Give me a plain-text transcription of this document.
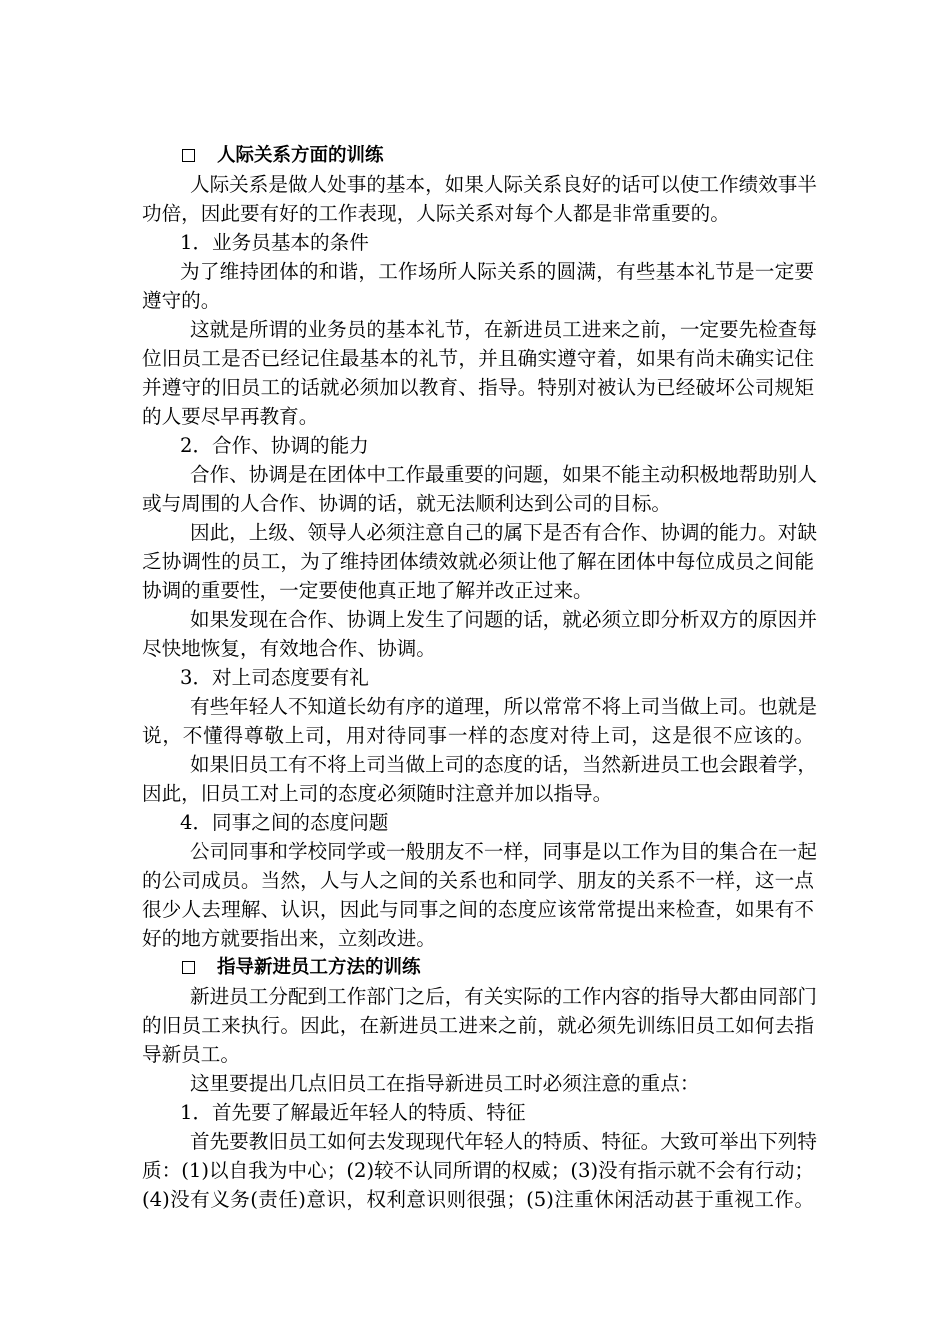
人际关系方面的训练
人际关系是做人处事的基本，如果人际关系良好的话可以使工作绩效事半
功倍，因此要有好的工作表现，人际关系对每个人都是非常重要的。
1．业务员基本的条件
为了维持团体的和谐，工作场所人际关系的圆满，有些基本礼节是一定要
遵守的。
这就是所谓的业务员的基本礼节，在新进员工进来之前，一定要先检查每
位旧员工是否已经记住最基本的礼节，并且确实遵守着，如果有尚未确实记住
并遵守的旧员工的话就必须加以教育、指导。特别对被认为已经破坏公司规矩
的人要尽早再教育。
2．合作、协调的能力
合作、协调是在团体中工作最重要的问题，如果不能主动积极地帮助别人
或与周围的人合作、协调的话，就无法顺利达到公司的目标。
因此，上级、领导人必须注意自己的属下是否有合作、协调的能力。对缺
乏协调性的员工，为了维持团体绩效就必须让他了解在团体中每位成员之间能
协调的重要性，一定要使他真正地了解并改正过来。
如果发现在合作、协调上发生了问题的话，就必须立即分析双方的原因并
尽快地恢复，有效地合作、协调。
3．对上司态度要有礼
有些年轻人不知道长幼有序的道理，所以常常不将上司当做上司。也就是
说，不懂得尊敬上司，用对待同事一样的态度对待上司，这是很不应该的。
如果旧员工有不将上司当做上司的态度的话，当然新进员工也会跟着学，
因此，旧员工对上司的态度必须随时注意并加以指导。
4．同事之间的态度问题
公司同事和学校同学或一般朋友不一样，同事是以工作为目的集合在一起
的公司成员。当然，人与人之间的关系也和同学、朋友的关系不一样，这一点
很少人去理解、认识，因此与同事之间的态度应该常常提出来检查，如果有不
好的地方就要指出来，立刻改进。
指导新进员工方法的训练
新进员工分配到工作部门之后，有关实际的工作内容的指导大都由同部门
的旧员工来执行。因此，在新进员工进来之前，就必须先训练旧员工如何去指
导新员工。
这里要提出几点旧员工在指导新进员工时必须注意的重点：
1．首先要了解最近年轻人的特质、特征
首先要教旧员工如何去发现现代年轻人的特质、特征。大致可举出下列特
质：(1)以自我为中心；(2)较不认同所谓的权威；(3)没有指示就不会有行动；
(4)没有义务(责任)意识，权利意识则很强；(5)注重休闲活动甚于重视工作。
